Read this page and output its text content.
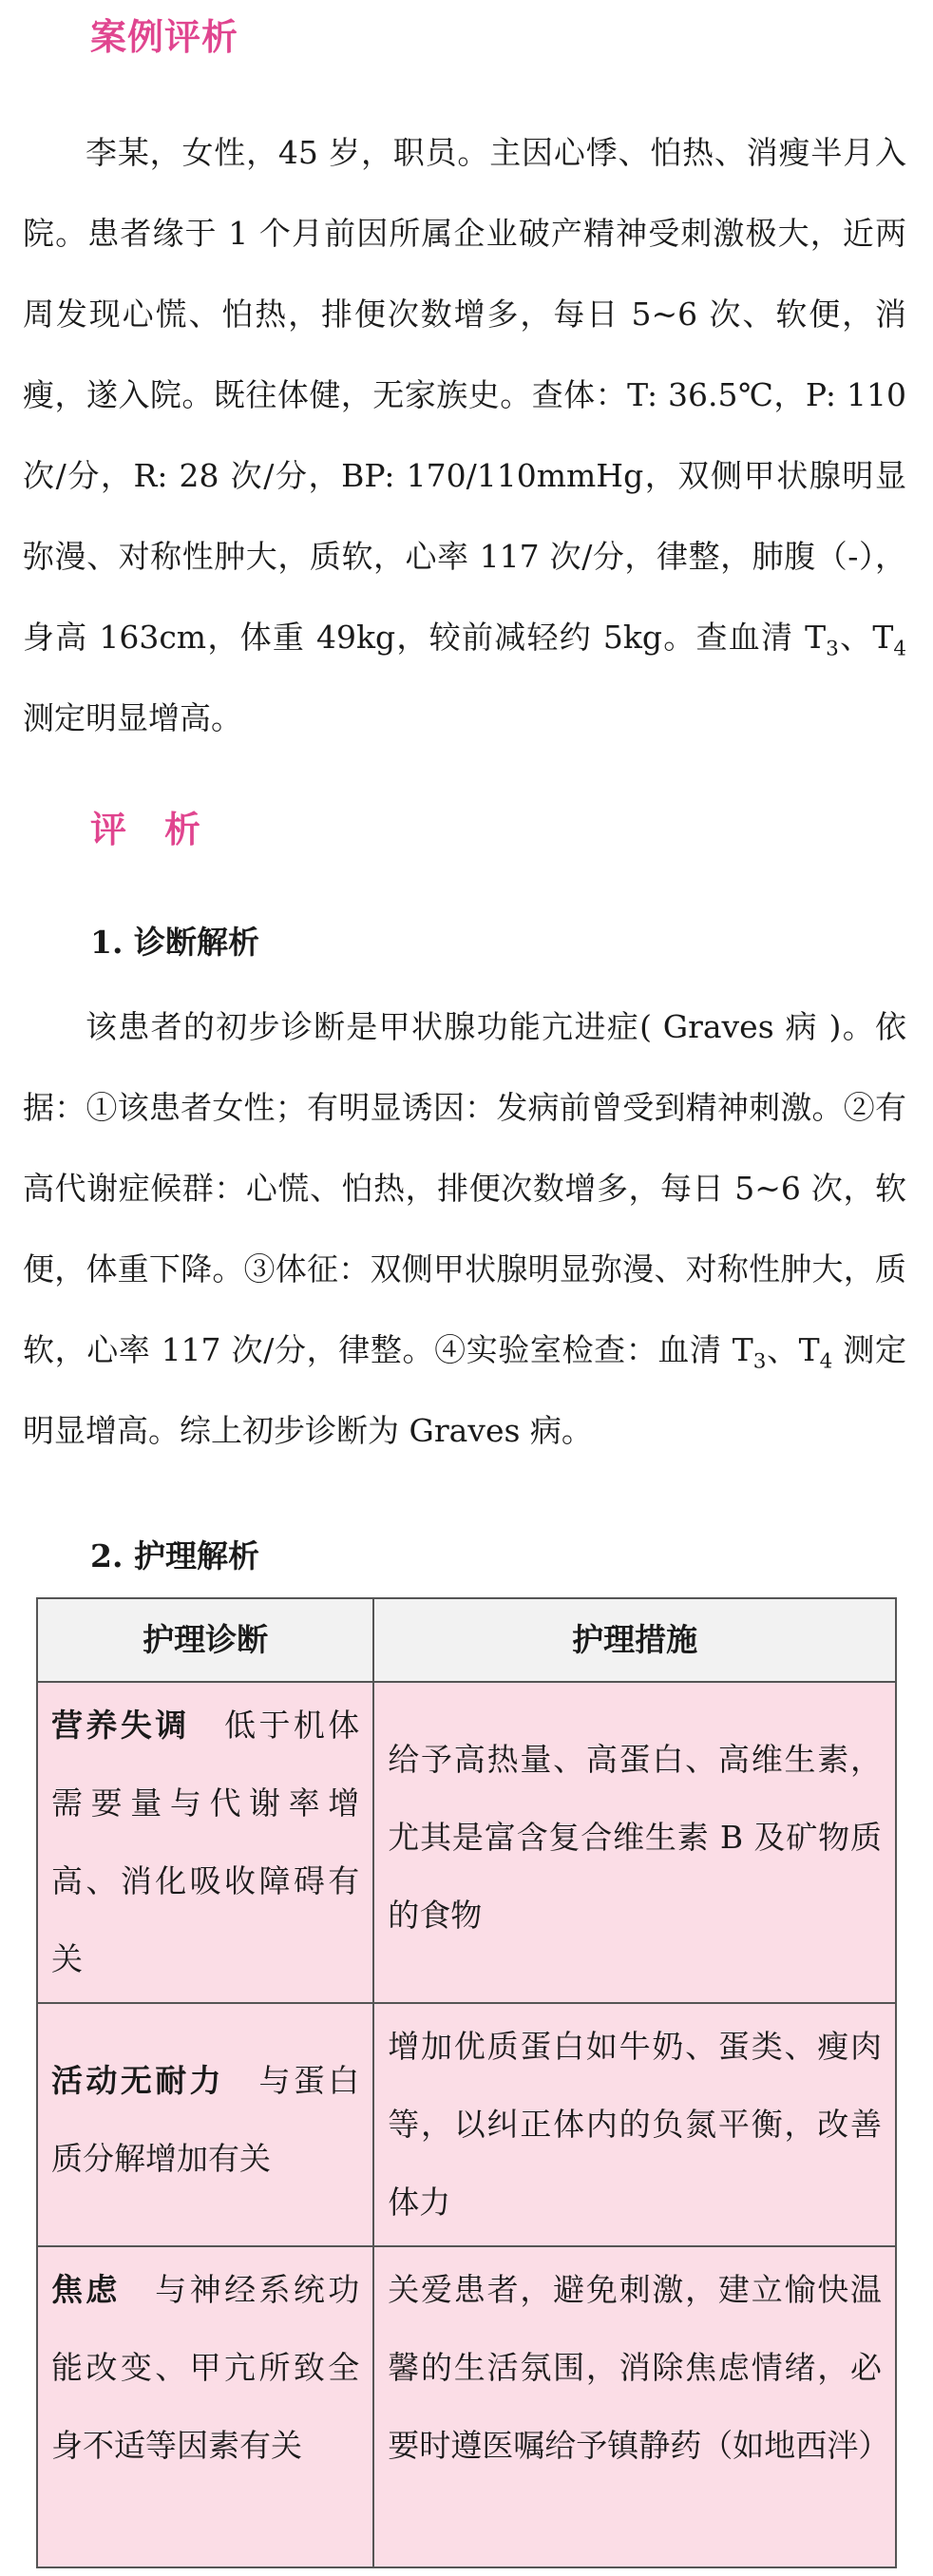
案例评析
李某，女性，45 岁，职员。主因心悸、怕热、消瘦半月入院。患者缘于 1 个月前因所属企业破产精神受刺激极大，近两周发现心慌、怕热，排便次数增多，每日 5~6 次、软便，消瘦，遂入院。既往体健，无家族史。查体：T: 36.5℃，P: 110 次/分，R: 28 次/分，BP: 170/110mmHg，双侧甲状腺明显弥漫、对称性肿大，质软，心率 117 次/分，律整，肺腹（-），身高 163cm，体重 49kg，较前减轻约 5kg。查血清 $T_3$、$T_4$ 测定明显增高。
评　析
1. 诊断解析
该患者的初步诊断是甲状腺功能亢进症( Graves 病 )。依据：①该患者女性；有明显诱因：发病前曾受到精神刺激。②有高代谢症候群：心慌、怕热，排便次数增多，每日 5~6 次，软便，体重下降。③体征：双侧甲状腺明显弥漫、对称性肿大，质软，心率 117 次/分，律整。④实验室检查：血清 $T_3$、$T_4$ 测定明显增高。综上初步诊断为 Graves 病。
2. 护理解析
护理诊断	护理措施
营养失调　 低于机体需要量与代谢率增高、消化吸收障碍有关	给予高热量、高蛋白、高维生素，尤其是富含复合维生素 B 及矿物质的食物
活动无耐力　 与蛋白质分解增加有关	增加优质蛋白如牛奶、蛋类、瘦肉等，以纠正体内的负氮平衡，改善体力
焦虑　 与神经系统功能改变、甲亢所致全身不适等因素有关	关爱患者，避免刺激，建立愉快温馨的生活氛围，消除焦虑情绪，必要时遵医嘱给予镇静药（如地西泮）
